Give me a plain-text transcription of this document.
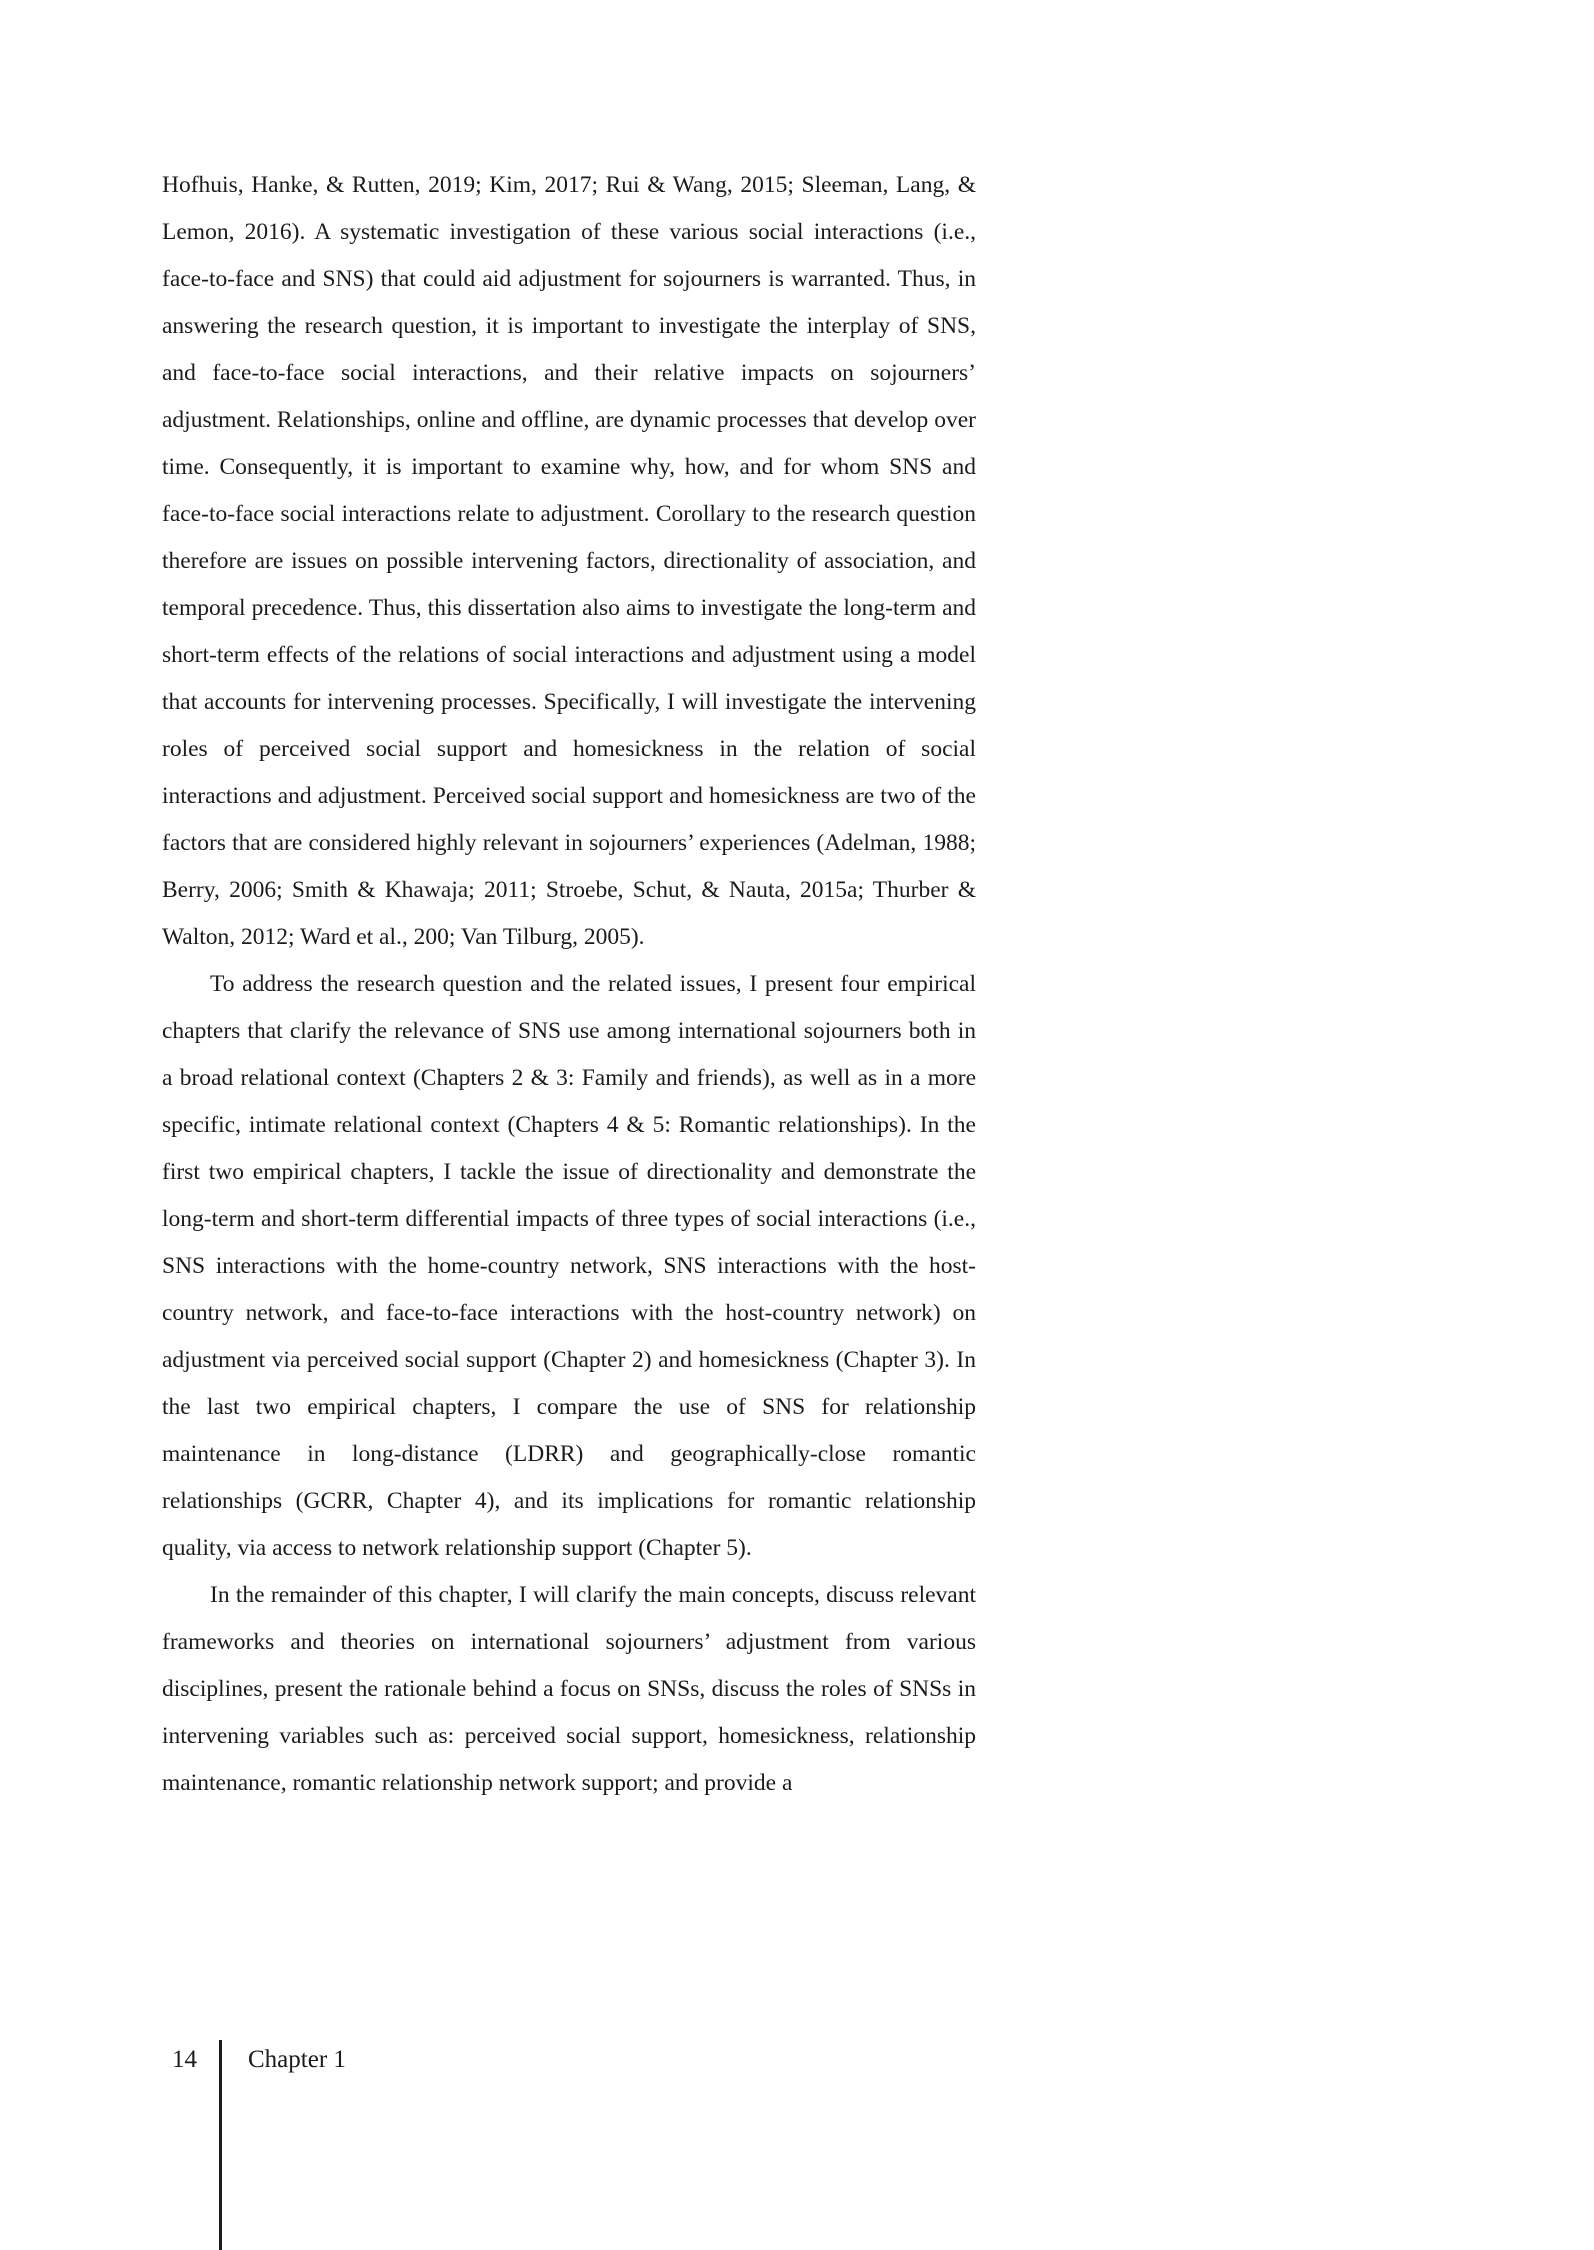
Hofhuis, Hanke, & Rutten, 2019; Kim, 2017; Rui & Wang, 2015; Sleeman, Lang, & Lemon, 2016). A systematic investigation of these various social interactions (i.e., face-to-face and SNS) that could aid adjustment for sojourners is warranted. Thus, in answering the research question, it is important to investigate the interplay of SNS, and face-to-face social interactions, and their relative impacts on sojourners’ adjustment. Relationships, online and offline, are dynamic processes that develop over time. Consequently, it is important to examine why, how, and for whom SNS and face-to-face social interactions relate to adjustment. Corollary to the research question therefore are issues on possible intervening factors, directionality of association, and temporal precedence. Thus, this dissertation also aims to investigate the long-term and short-term effects of the relations of social interactions and adjustment using a model that accounts for intervening processes. Specifically, I will investigate the intervening roles of perceived social support and homesickness in the relation of social interactions and adjustment. Perceived social support and homesickness are two of the factors that are considered highly relevant in sojourners’ experiences (Adelman, 1988; Berry, 2006; Smith & Khawaja; 2011; Stroebe, Schut, & Nauta, 2015a; Thurber & Walton, 2012; Ward et al., 200; Van Tilburg, 2005).

To address the research question and the related issues, I present four empirical chapters that clarify the relevance of SNS use among international sojourners both in a broad relational context (Chapters 2 & 3: Family and friends), as well as in a more specific, intimate relational context (Chapters 4 & 5: Romantic relationships). In the first two empirical chapters, I tackle the issue of directionality and demonstrate the long-term and short-term differential impacts of three types of social interactions (i.e., SNS interactions with the home-country network, SNS interactions with the host-country network, and face-to-face interactions with the host-country network) on adjustment via perceived social support (Chapter 2) and homesickness (Chapter 3). In the last two empirical chapters, I compare the use of SNS for relationship maintenance in long-distance (LDRR) and geographically-close romantic relationships (GCRR, Chapter 4), and its implications for romantic relationship quality, via access to network relationship support (Chapter 5).

In the remainder of this chapter, I will clarify the main concepts, discuss relevant frameworks and theories on international sojourners’ adjustment from various disciplines, present the rationale behind a focus on SNSs, discuss the roles of SNSs in intervening variables such as: perceived social support, homesickness, relationship maintenance, romantic relationship network support; and provide a

14 Chapter 1
